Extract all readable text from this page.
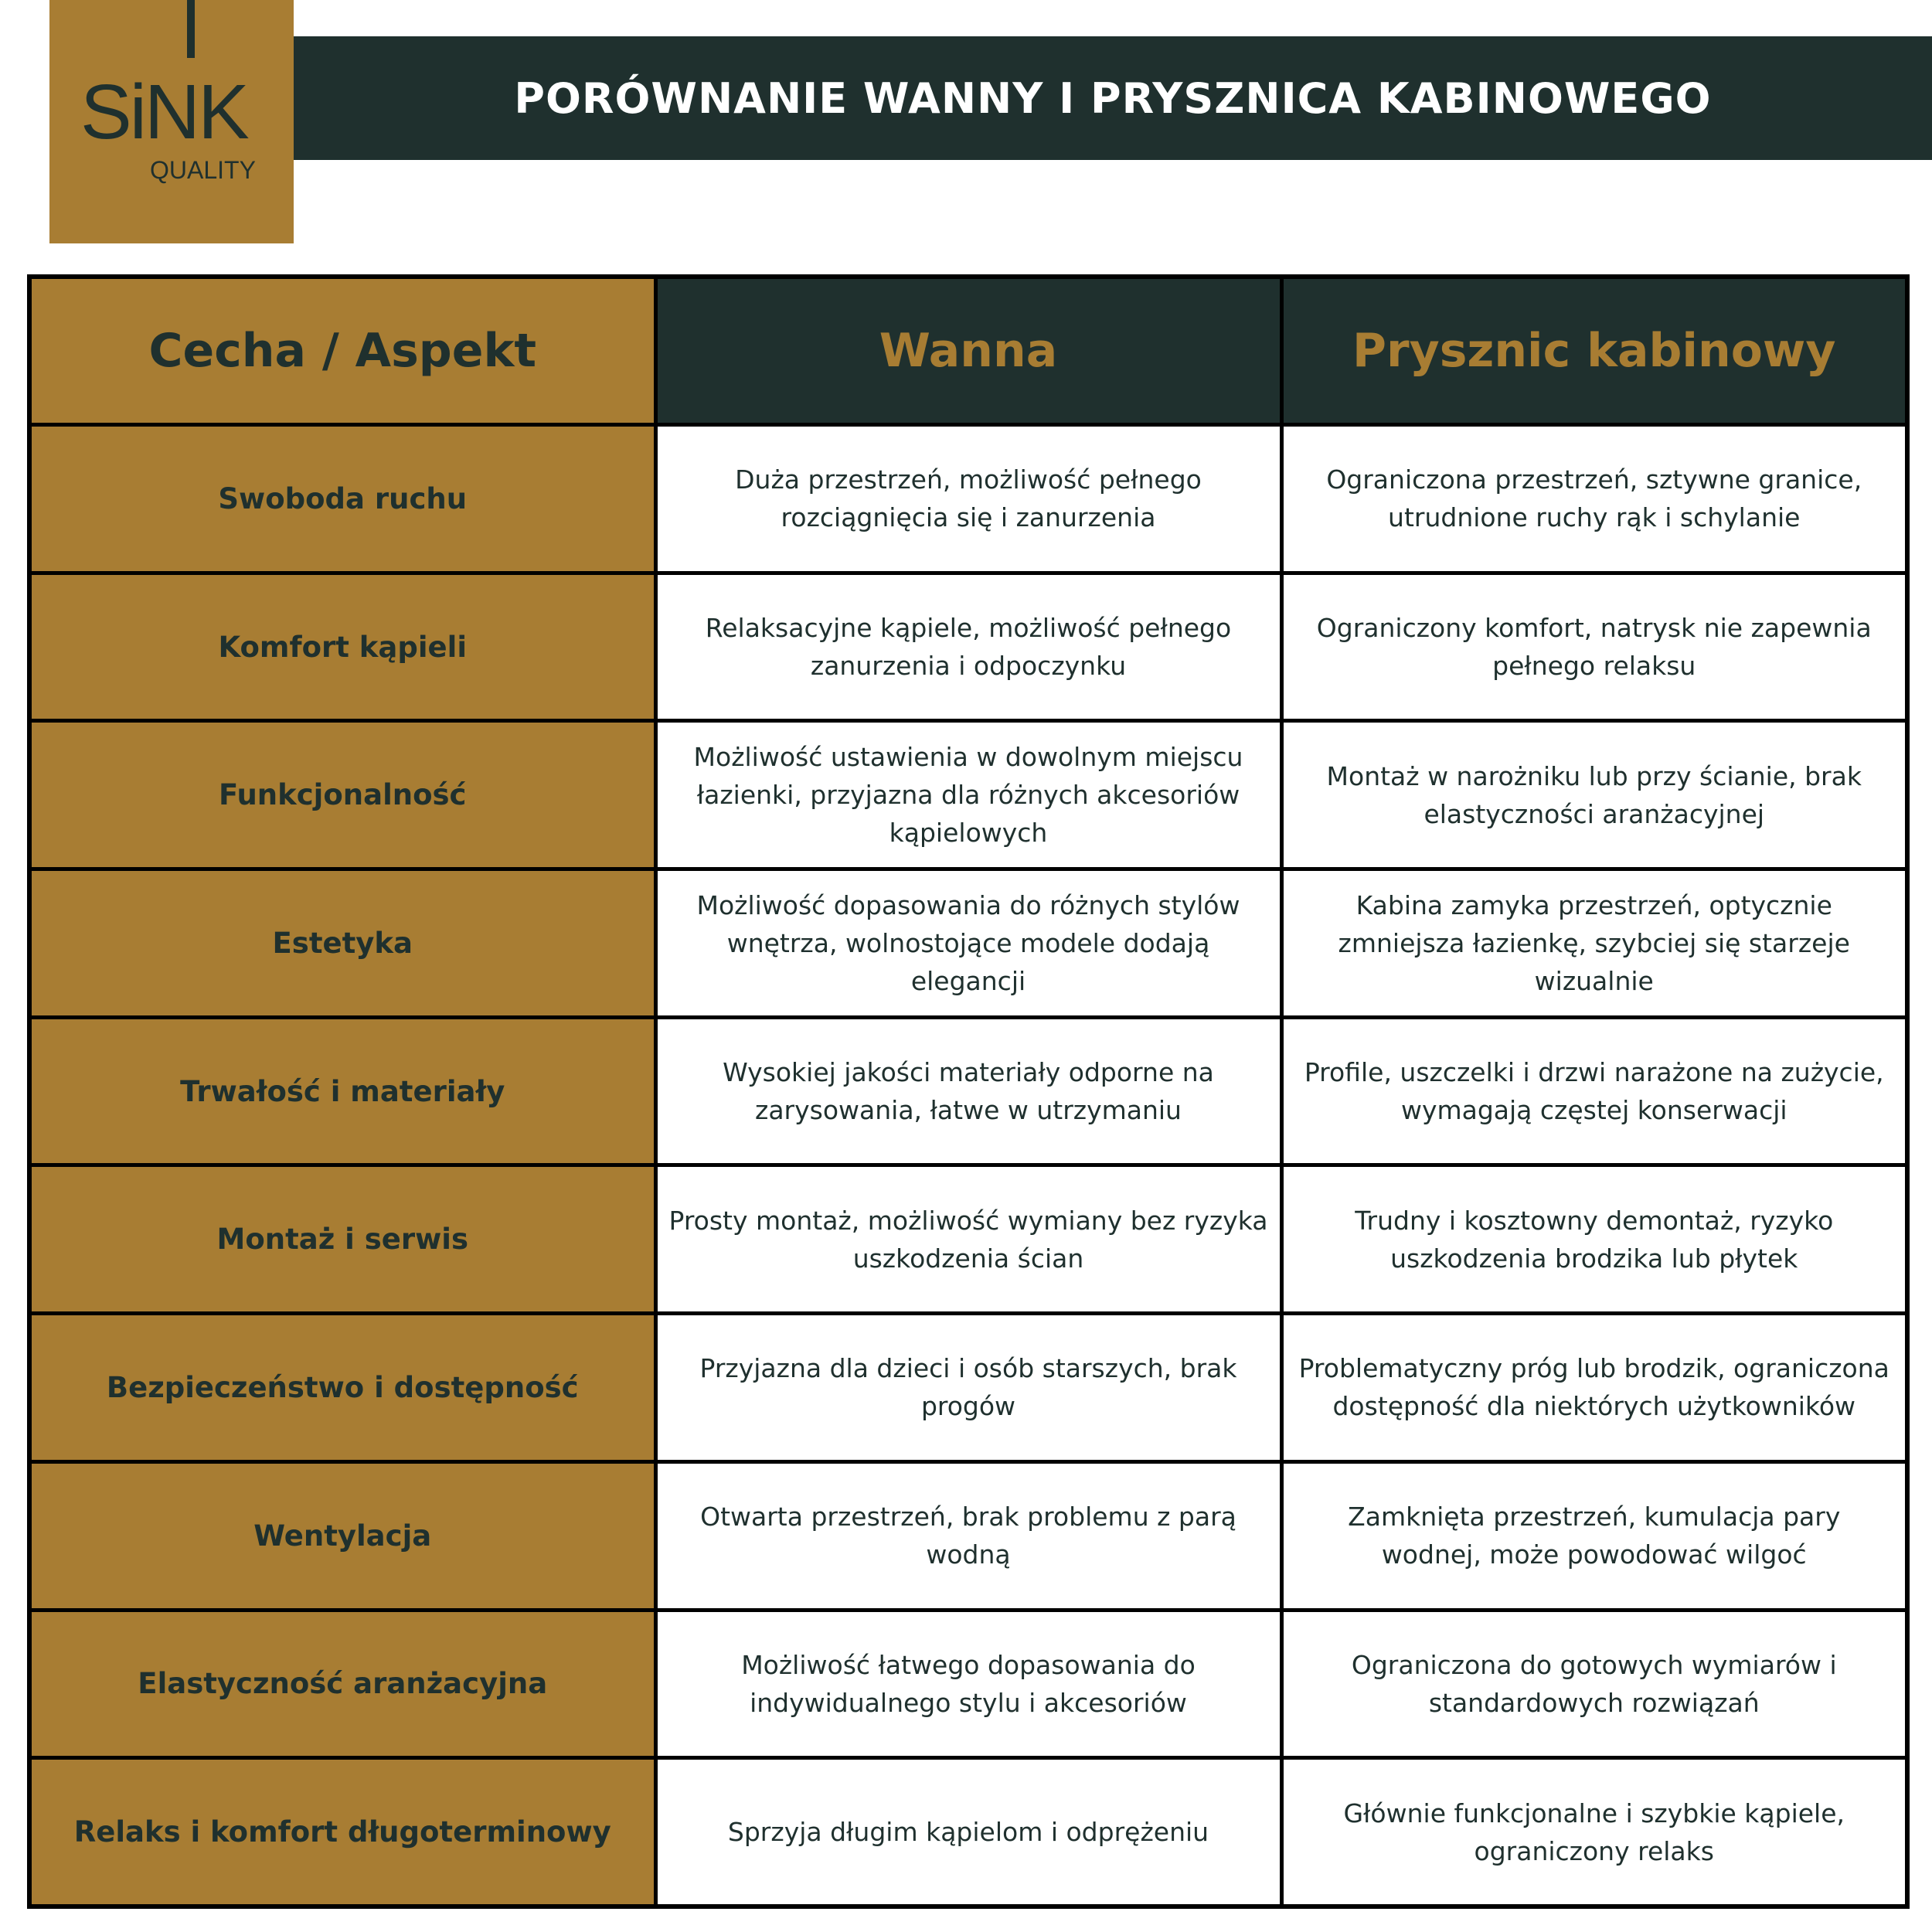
SiNK
QUALITY
PORÓWNANIE WANNY I PRYSZNICA KABINOWEGO
Cecha / Aspekt	Wanna	Prysznic kabinowy
Swoboda ruchu	Duża przestrzeń, możliwość pełnego rozciągnięcia się i zanurzenia	Ograniczona przestrzeń, sztywne granice, utrudnione ruchy rąk i schylanie
Komfort kąpieli	Relaksacyjne kąpiele, możliwość pełnego zanurzenia i odpoczynku	Ograniczony komfort, natrysk nie zapewnia pełnego relaksu
Funkcjonalność	Możliwość ustawienia w dowolnym miejscu łazienki, przyjazna dla różnych akcesoriów kąpielowych	Montaż w narożniku lub przy ścianie, brak elastyczności aranżacyjnej
Estetyka	Możliwość dopasowania do różnych stylów wnętrza, wolnostojące modele dodają elegancji	Kabina zamyka przestrzeń, optycznie zmniejsza łazienkę, szybciej się starzeje wizualnie
Trwałość i materiały	Wysokiej jakości materiały odporne na zarysowania, łatwe w utrzymaniu	Profile, uszczelki i drzwi narażone na zużycie, wymagają częstej konserwacji
Montaż i serwis	Prosty montaż, możliwość wymiany bez ryzyka uszkodzenia ścian	Trudny i kosztowny demontaż, ryzyko uszkodzenia brodzika lub płytek
Bezpieczeństwo i dostępność	Przyjazna dla dzieci i osób starszych, brak progów	Problematyczny próg lub brodzik, ograniczona dostępność dla niektórych użytkowników
Wentylacja	Otwarta przestrzeń, brak problemu z parą wodną	Zamknięta przestrzeń, kumulacja pary wodnej, może powodować wilgoć
Elastyczność aranżacyjna	Możliwość łatwego dopasowania do indywidualnego stylu i akcesoriów	Ograniczona do gotowych wymiarów i standardowych rozwiązań
Relaks i komfort długoterminowy	Sprzyja długim kąpielom i odprężeniu	Głównie funkcjonalne i szybkie kąpiele, ograniczony relaks
